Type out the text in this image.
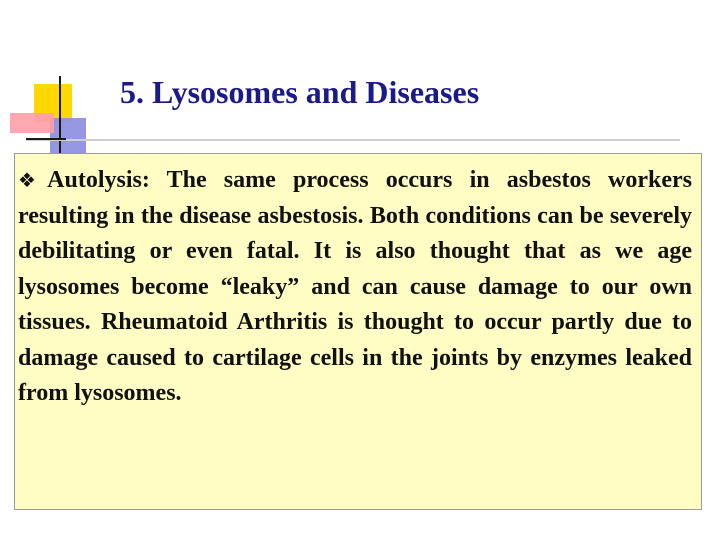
5. Lysosomes and Diseases

❖Autolysis: The same process occurs in asbestos workers resulting in the disease asbestosis. Both conditions can be severely debilitating or even fatal. It is also thought that as we age lysosomes become “leaky” and can cause damage to our own tissues. Rheumatoid Arthritis is thought to occur partly due to damage caused to cartilage cells in the joints by enzymes leaked from lysosomes.
